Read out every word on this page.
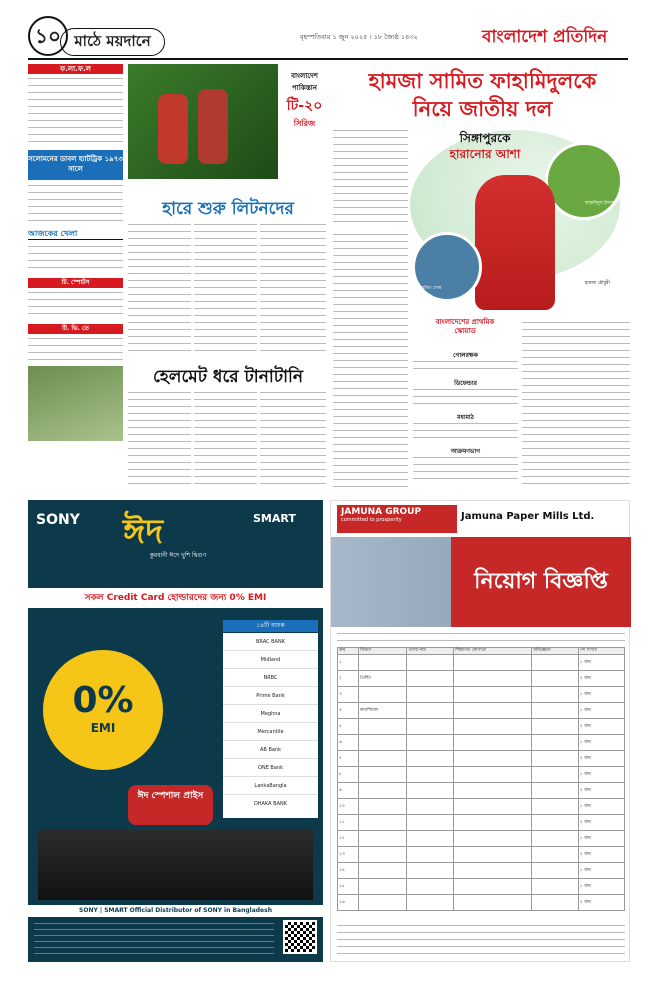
১০ মাঠে ময়দানে	বৃহস্পতিবার ১ জুন ২০২৫ । ১৮ জ্যৈষ্ঠ ১৪৩২	বাংলাদেশ প্রতিদিন
ফ.লা.ফ.ল
সলোমনের ডাবল হ্যাটট্রিক ১৯৭৩ সালে
আজকের খেলা
টি. স্পোর্টস
টি. ভি. তে
বাংলাদেশ
পাকিস্তান
টি-২০
সিরিজ
হারে শুরু লিটনদের
হেলমেট ধরে টানাটানি
হামজা সামিত ফাহামিদুলকে
নিয়ে জাতীয় দল
সিঙ্গাপুরকে
হারানোর আশা
ফাহামিদুল ইসলাম
সামিত সোম
হামজা চৌধুরী
বাংলাদেশের প্রাথমিক স্কোয়াড
গোলরক্ষক
ডিফেন্ডার
মধ্যমাঠ
আক্রমণভাগ
SONY	SMART
ঈদ
কুরবানী ঈদে খুশি দ্বিগুণ
সকল Credit Card হোল্ডারদের জন্য 0% EMI
0%
EMI
১৪টি ব্যাংক
BRAC BANK
Midland
NRBC
Prime Bank
Meghna
Mercantile
AB Bank
ONE Bank
LankaBangla
DHAKA BANK
ঈদ স্পেশাল প্রাইস
SONY | SMART Official Distributor of SONY in Bangladesh
JAMUNA GROUP
committed to prosperity	Jamuna Paper Mills Ltd.
নিয়োগ বিজ্ঞপ্তি
ক্রম	বিভাগ	পদের নাম	শিক্ষাগত যোগ্যতা	অভিজ্ঞতা	পদ সংখ্যা
১					১ জন
২	প্রিন্টিং				২ জন
৩					১ জন
৪	কমার্শিয়াল				১ জন
৫					২ জন
৬					১ জন
৭					২ জন
৮					১ জন
৯					২ জন
১০					১ জন
১১					২ জন
১২					১ জন
১৩					২ জন
১৪					১ জন
১৫					১ জন
১৬					২ জন
